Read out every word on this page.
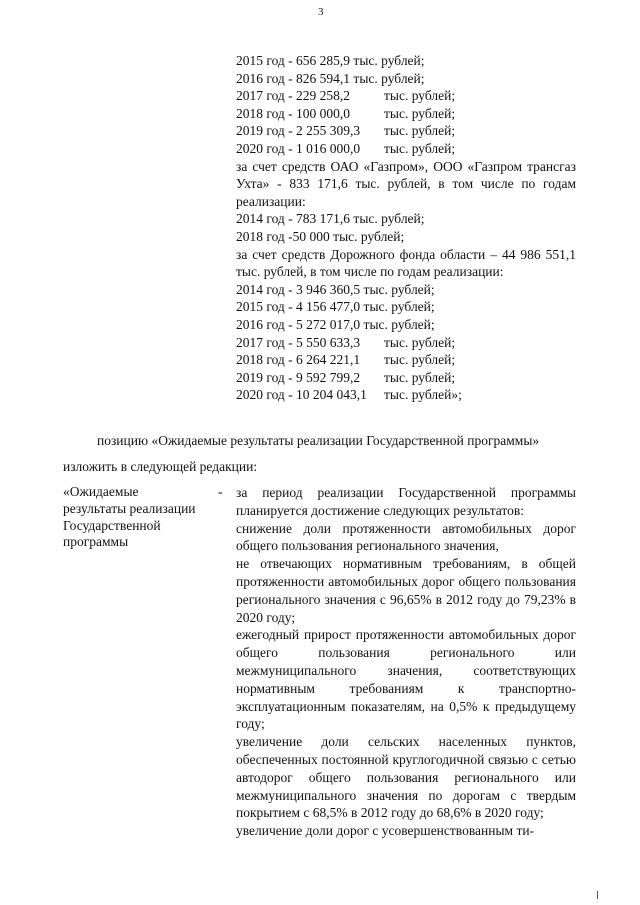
3
2015 год - 656 285,9 тыс. рублей;
2016 год - 826 594,1 тыс. рублей;
2017 год - 229 258,2	тыс. рублей;
2018 год - 100 000,0	тыс. рублей;
2019 год - 2 255 309,3 тыс. рублей;
2020 год - 1 016 000,0 тыс. рублей;
за счет средств ОАО «Газпром», ООО «Газпром трансгаз Ухта» - 833 171,6 тыс. рублей, в том числе по годам реализации:
2014 год - 783 171,6 тыс. рублей;
2018 год -50 000 тыс. рублей;
за счет средств Дорожного фонда области – 44 986 551,1 тыс. рублей, в том числе по годам реализации:
2014 год - 3 946 360,5 тыс. рублей;
2015 год - 4 156 477,0 тыс. рублей;
2016 год - 5 272 017,0 тыс. рублей;
2017 год - 5 550 633,3 тыс. рублей;
2018 год - 6 264 221,1 тыс. рублей;
2019 год - 9 592 799,2 тыс. рублей;
2020 год - 10 204 043,1 тыс. рублей»;
позицию «Ожидаемые результаты реализации Государственной программы»
изложить в следующей редакции:
«Ожидаемые результаты реализации Государственной программы
- за период реализации Государственной программы планируется достижение следующих результатов:

снижение доли протяженности автомобильных дорог общего пользования регионального значения,

не отвечающих нормативным требованиям, в общей протяженности автомобильных дорог общего пользования регионального значения с 96,65% в 2012 году до 79,23% в 2020 году;

ежегодный прирост протяженности автомобильных дорог общего пользования регионального или межмуниципального значения, соответствующих нормативным требованиям к транспортно-эксплуатационным показателям, на 0,5% к предыдущему году;

увеличение доли сельских населенных пунктов, обеспеченных постоянной круглогодичной связью с сетью автодорог общего пользования регионального или межмуниципального значения по дорогам с твердым покрытием с 68,5% в 2012 году до 68,6% в 2020 году;

увеличение доли дорог с усовершенствованным ти-
